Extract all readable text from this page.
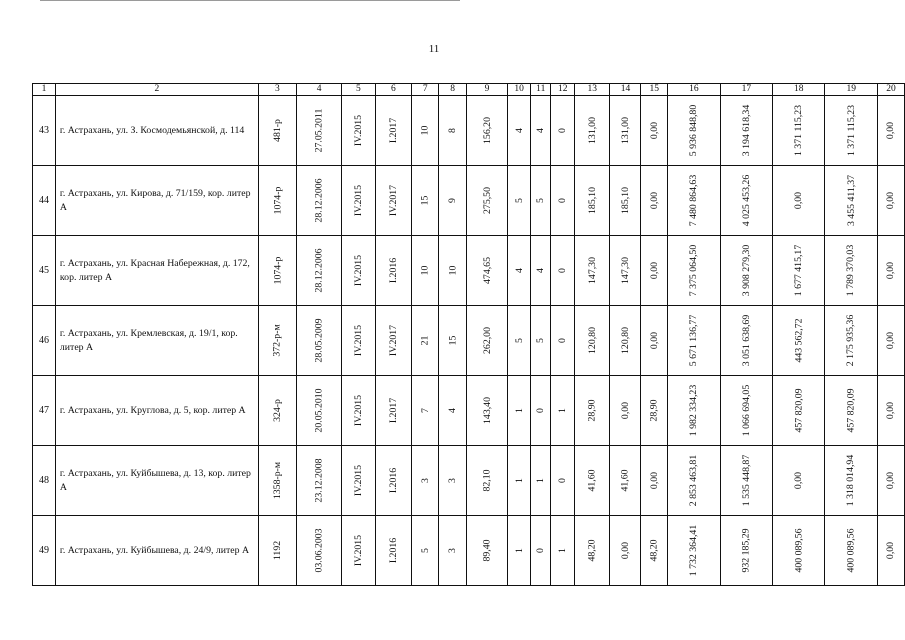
11
1	2	3	4	5	6	7	8	9	10	11	12	13	14	15	16	17	18	19	20
43	г. Астрахань, ул. З. Космодемьянской, д. 114	481-р	27.05.2011	IV.2015	I.2017	10	8	156,20	4	4	0	131,00	131,00	0,00	5 936 848,80	3 194 618,34	1 371 115,23	1 371 115,23	0,00
44	г. Астрахань, ул. Кирова, д. 71/159, кор. литер А	1074-р	28.12.2006	IV.2015	IV.2017	15	9	275,50	5	5	0	185,10	185,10	0,00	7 480 864,63	4 025 453,26	0,00	3 455 411,37	0,00
45	г. Астрахань, ул. Красная Набережная, д. 172, кор. литер А	1074-р	28.12.2006	IV.2015	I.2016	10	10	474,65	4	4	0	147,30	147,30	0,00	7 375 064,50	3 908 279,30	1 677 415,17	1 789 370,03	0,00
46	г. Астрахань, ул. Кремлевская, д. 19/1, кор. литер А	372-р-м	28.05.2009	IV.2015	IV.2017	21	15	262,00	5	5	0	120,80	120,80	0,00	5 671 136,77	3 051 638,69	443 562,72	2 175 935,36	0,00
47	г. Астрахань, ул. Круглова, д. 5, кор. литер А	324-р	20.05.2010	IV.2015	I.2017	7	4	143,40	1	0	1	28,90	0,00	28,90	1 982 334,23	1 066 694,05	457 820,09	457 820,09	0,00
48	г. Астрахань, ул. Куйбышева, д. 13, кор. литер А	1358-р-м	23.12.2008	IV.2015	I.2016	3	3	82,10	1	1	0	41,60	41,60	0,00	2 853 463,81	1 535 448,87	0,00	1 318 014,94	0,00
49	г. Астрахань, ул. Куйбышева, д. 24/9, литер А	1192	03.06.2003	IV.2015	I.2016	5	3	89,40	1	0	1	48,20	0,00	48,20	1 732 364,41	932 185,29	400 089,56	400 089,56	0,00
